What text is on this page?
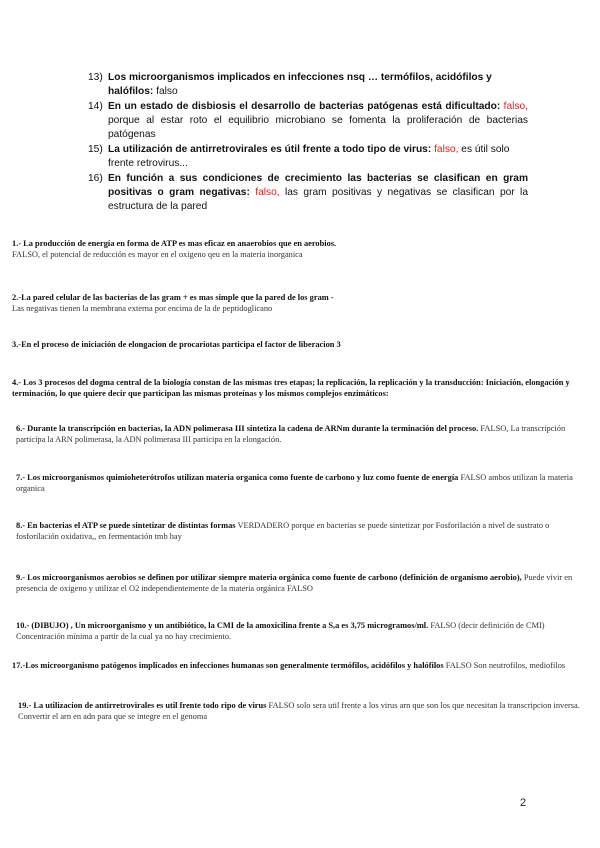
13) Los microorganismos implicados en infecciones nsq … termófilos, acidófilos y halófilos: falso
14) En un estado de disbiosis el desarrollo de bacterias patógenas está dificultado: falso, porque al estar roto el equilibrio microbiano se fomenta la proliferación de bacterias patógenas
15) La utilización de antirretrovirales es útil frente a todo tipo de virus: falso, es útil solo frente retrovirus...
16) En función a sus condiciones de crecimiento las bacterias se clasifican en gram positivas o gram negativas: falso, las gram positivas y negativas se clasifican por la estructura de la pared
1.- La producción de energía en forma de ATP es mas eficaz en anaerobios que en aerobios.
FALSO, el potencial de reducción es mayor en el oxigeno qeu en la materia inorganica
2.-La pared celular de las bacterias de las gram + es mas simple que la pared de los gram -
Las negativas tienen la membrana externa por encima de la de peptidoglicano
3.-En el proceso de iniciación de elongacion de procariotas participa el factor de liberacion 3
4.- Los 3 procesos del dogma central de la biología constan de las mismas tres etapas; la replicación, la replicación y la transducción: Iniciación, elongación y terminación, lo que quiere decir que participan las mismas proteínas y los mismos complejos enzimáticos:
6.- Durante la transcripción en bacterias, la ADN polimerasa III sintetiza la cadena de ARNm durante la terminación del proceso. FALSO, La transcripción participa la ARN polimerasa, la ADN polimerasa III participa en la elongación.
7.- Los microorganismos quimioheterótrofos utilizan materia organica como fuente de carbono y luz como fuente de energía FALSO ambos utilizan la materia organica
8.- En bacterias el ATP se puede sintetizar de distintas formas VERDADERO porque en bacterias se puede sintetizar por Fosforilación a nivel de sustrato o fosforilación oxidativa,, en fermentación tmb hay
9.- Los microorganismos aerobios se definen por utilizar siempre materia orgánica como fuente de carbono (definición de organismo aerobio), Puede vivir en presencia de oxigeno y utilizar el O2 independientemente de la materia orgánica FALSO
10.- (DIBUJO) , Un microorganismo y un antibiótico, la CMI de la amoxicilina frente a S,a es 3,75 microgramos/ml. FALSO (decir definición de CMI) Concentración mínima a partir de la cual ya no hay crecimiento.
17.-Los microorganismo patógenos implicados en infecciones humanas son generalmente termófilos, acidófilos y halófilos FALSO Son neutrofilos, mediofilos
19.- La utilizacion de antirretrovirales es util frente todo ripo de virus FALSO solo sera util frente a los virus arn que son los que necesitan la transcripcion inversa. Convertir el arn en adn para que se integre en el genoma
2
